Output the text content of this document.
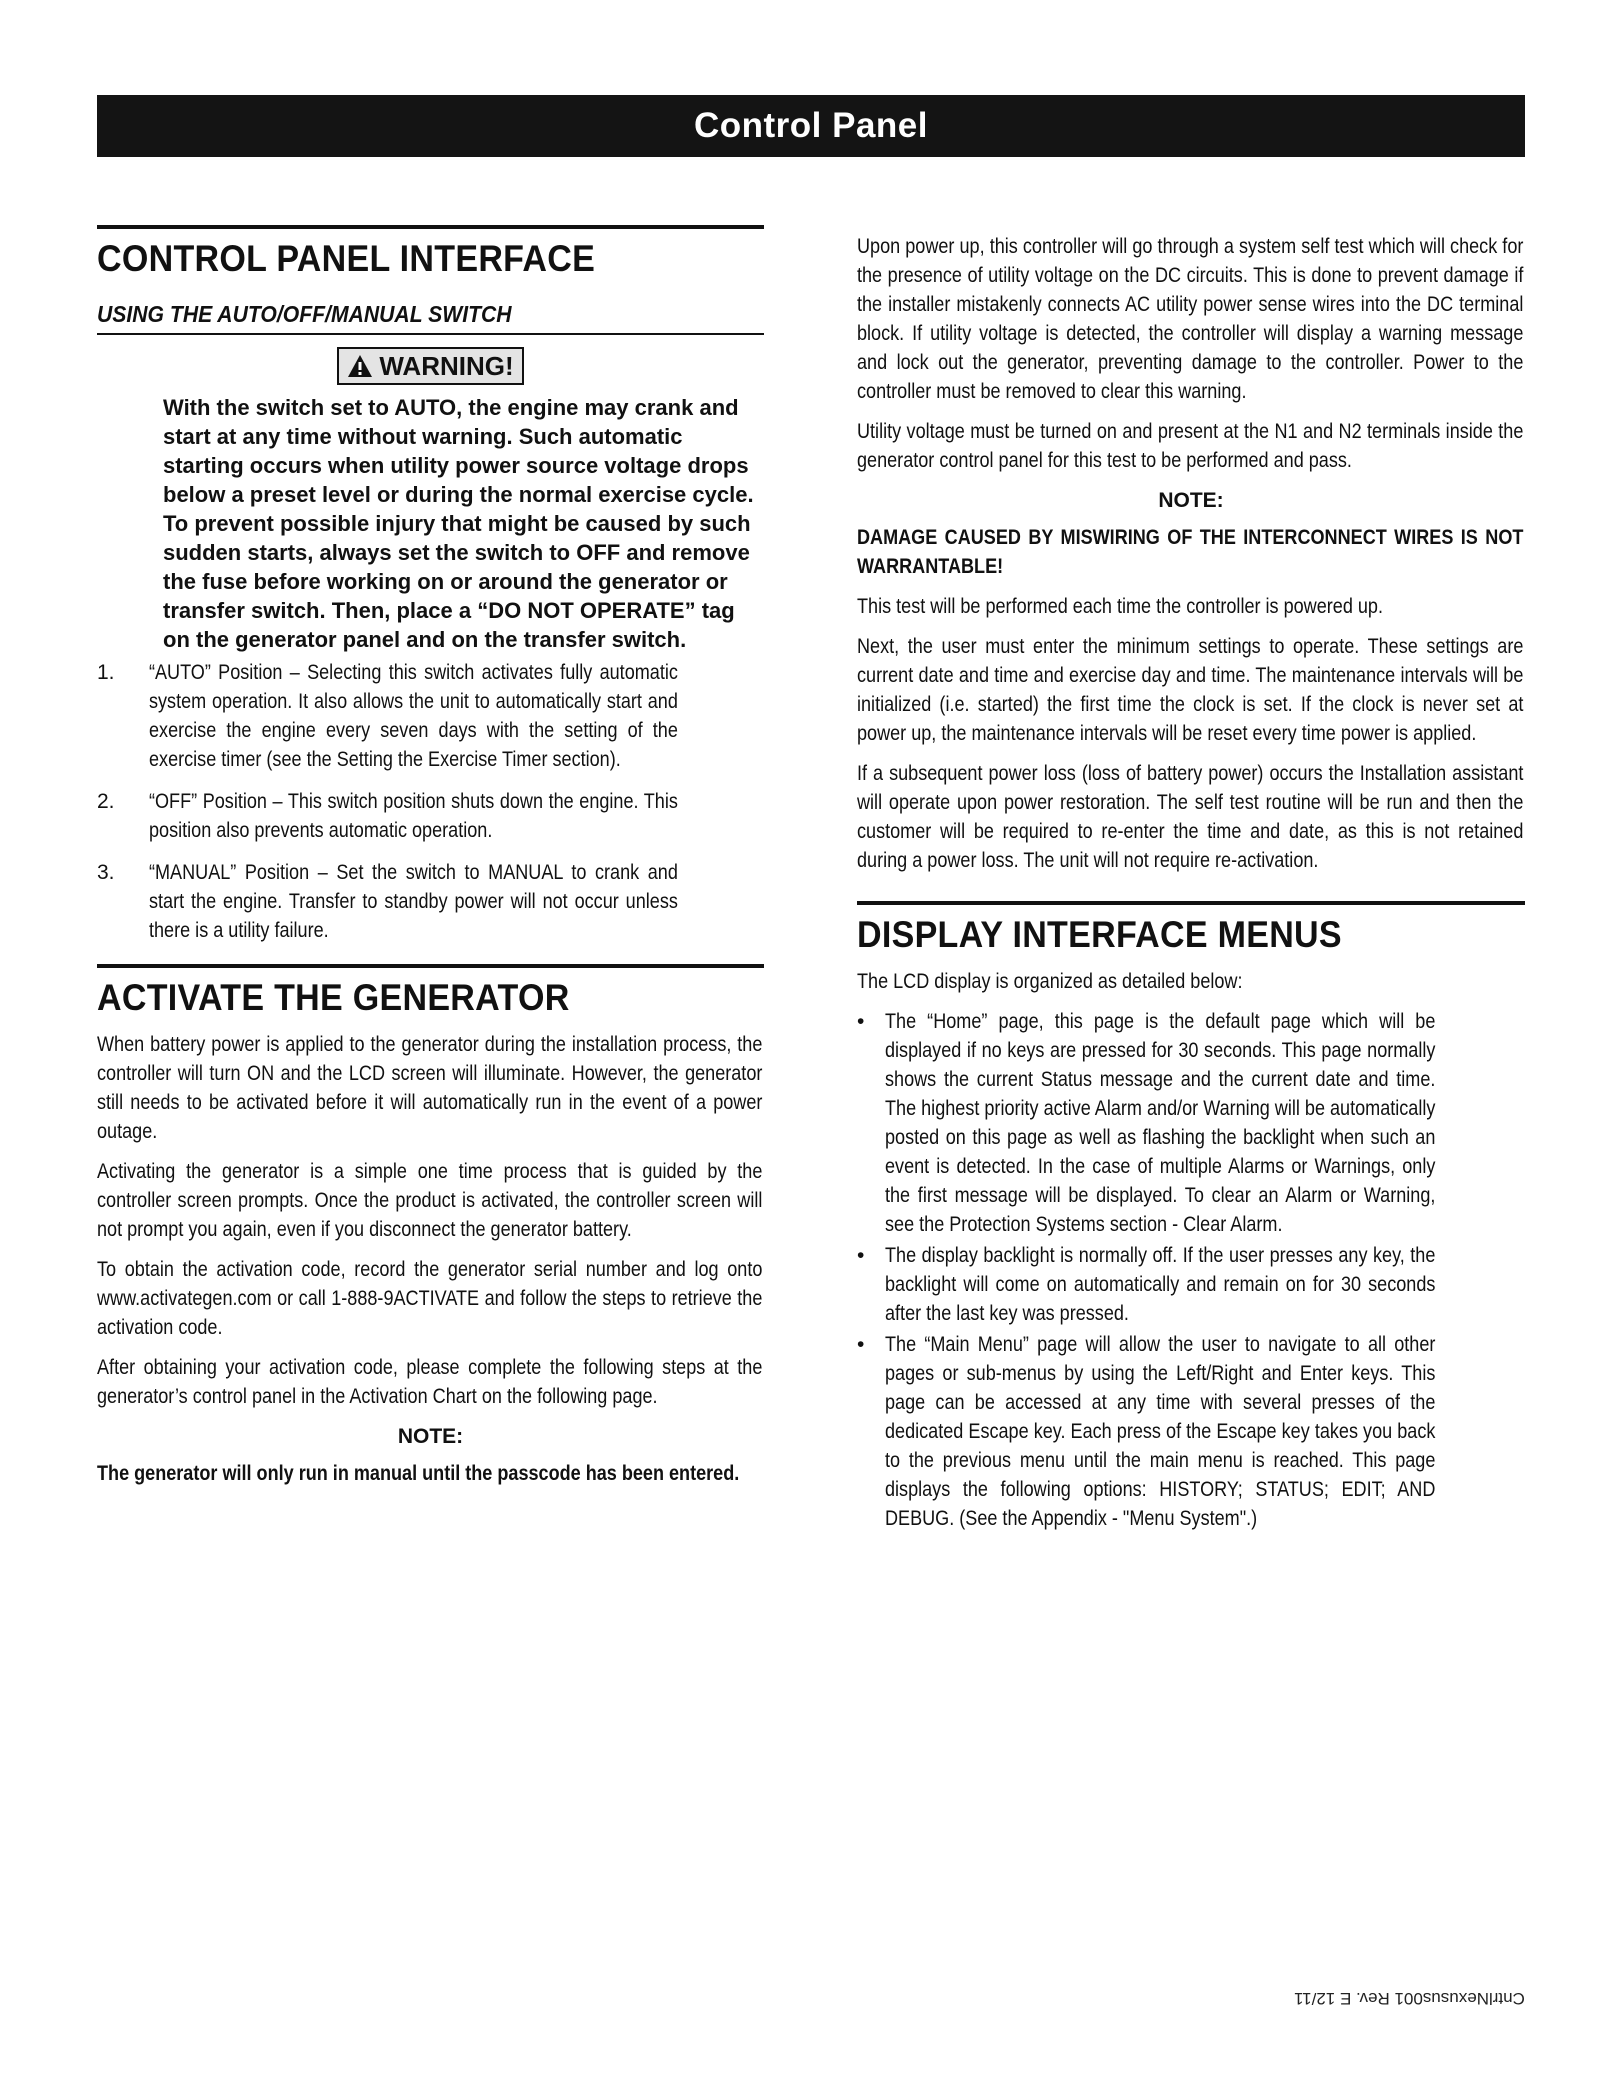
Control Panel
CONTROL PANEL INTERFACE
USING THE AUTO/OFF/MANUAL SWITCH
WARNING!

With the switch set to AUTO, the engine may crank and start at any time without warning. Such automatic starting occurs when utility power source voltage drops below a preset level or during the normal exercise cycle. To prevent possible injury that might be caused by such sudden starts, always set the switch to OFF and remove the fuse before working on or around the generator or transfer switch. Then, place a “DO NOT OPERATE” tag on the generator panel and on the transfer switch.

1.	“AUTO” Position – Selecting this switch activates fully automatic system operation. It also allows the unit to automatically start and exercise the engine every seven days with the setting of the exercise timer (see the Setting the Exercise Timer section).

2.	“OFF” Position – This switch position shuts down the engine. This position also prevents automatic operation.

3.	“MANUAL” Position – Set the switch to MANUAL to crank and start the engine. Transfer to standby power will not occur unless there is a utility failure.

ACTIVATE THE GENERATOR

When battery power is applied to the generator during the installation process, the controller will turn ON and the LCD screen will illuminate. However, the generator still needs to be activated before it will automatically run in the event of a power outage.

Activating the generator is a simple one time process that is guided by the controller screen prompts. Once the product is activated, the controller screen will not prompt you again, even if you disconnect the generator battery.

To obtain the activation code, record the generator serial number and log onto www.activategen.com or call 1-888-9ACTIVATE and follow the steps to retrieve the activation code.

After obtaining your activation code, please complete the following steps at the generator’s control panel in the Activation Chart on the following page.

NOTE:

The generator will only run in manual until the passcode has been entered.

Upon power up, this controller will go through a system self test which will check for the presence of utility voltage on the DC circuits. This is done to prevent damage if the installer mistakenly connects AC utility power sense wires into the DC terminal block. If utility voltage is detected, the controller will display a warning message and lock out the generator, preventing damage to the controller. Power to the controller must be removed to clear this warning.

Utility voltage must be turned on and present at the N1 and N2 terminals inside the generator control panel for this test to be performed and pass.

NOTE:

DAMAGE CAUSED BY MISWIRING OF THE INTERCONNECT WIRES IS NOT WARRANTABLE!

This test will be performed each time the controller is powered up.

Next, the user must enter the minimum settings to operate. These settings are current date and time and exercise day and time. The maintenance intervals will be initialized (i.e. started) the first time the clock is set. If the clock is never set at power up, the maintenance intervals will be reset every time power is applied.

If a subsequent power loss (loss of battery power) occurs the Installation assistant will operate upon power restoration. The self test routine will be run and then the customer will be required to re-enter the time and date, as this is not retained during a power loss. The unit will not require re-activation.

DISPLAY INTERFACE MENUS

The LCD display is organized as detailed below:

• The “Home” page, this page is the default page which will be displayed if no keys are pressed for 30 seconds. This page normally shows the current Status message and the current date and time. The highest priority active Alarm and/or Warning will be automatically posted on this page as well as flashing the backlight when such an event is detected. In the case of multiple Alarms or Warnings, only the first message will be displayed. To clear an Alarm or Warning, see the Protection Systems section - Clear Alarm.

• The display backlight is normally off. If the user presses any key, the backlight will come on automatically and remain on for 30 seconds after the last key was pressed.

• The “Main Menu” page will allow the user to navigate to all other pages or sub-menus by using the Left/Right and Enter keys. This page can be accessed at any time with several presses of the dedicated Escape key. Each press of the Escape key takes you back to the previous menu until the main menu is reached. This page displays the following options: HISTORY; STATUS; EDIT; AND DEBUG. (See the Appendix - "Menu System".)

CntrlNexusus001 Rev. E 12/11
